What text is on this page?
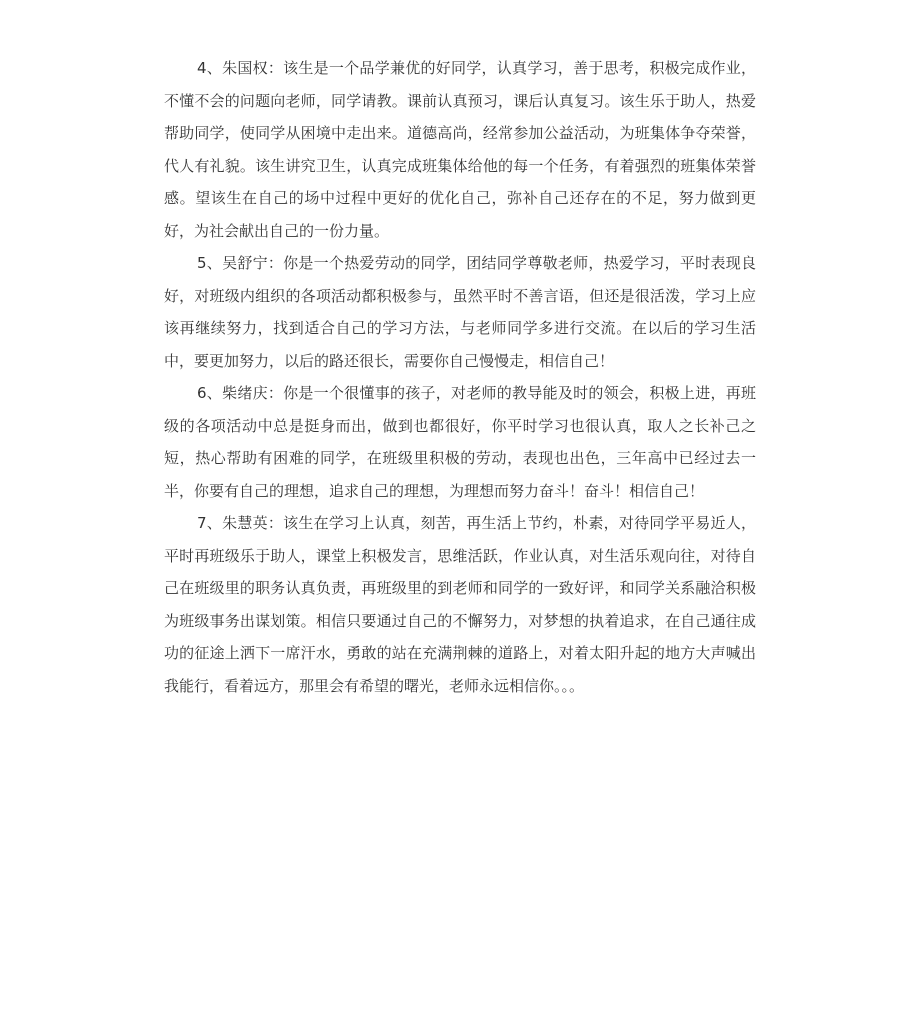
4、朱国权：该生是一个品学兼优的好同学，认真学习，善于思考，积极完成作业，不懂不会的问题向老师，同学请教。课前认真预习，课后认真复习。该生乐于助人，热爱帮助同学，使同学从困境中走出来。道德高尚，经常参加公益活动，为班集体争夺荣誉，代人有礼貌。该生讲究卫生，认真完成班集体给他的每一个任务，有着强烈的班集体荣誉感。望该生在自己的场中过程中更好的优化自己，弥补自己还存在的不足，努力做到更好，为社会献出自己的一份力量。

5、吴舒宁：你是一个热爱劳动的同学，团结同学尊敬老师，热爱学习，平时表现良好，对班级内组织的各项活动都积极参与，虽然平时不善言语，但还是很活泼，学习上应该再继续努力，找到适合自己的学习方法，与老师同学多进行交流。在以后的学习生活中，要更加努力，以后的路还很长，需要你自己慢慢走，相信自己！

6、柴绪庆：你是一个很懂事的孩子，对老师的教导能及时的领会，积极上进，再班级的各项活动中总是挺身而出，做到也都很好，你平时学习也很认真，取人之长补己之短，热心帮助有困难的同学，在班级里积极的劳动，表现也出色，三年高中已经过去一半，你要有自己的理想，追求自己的理想，为理想而努力奋斗！奋斗！相信自己！

7、朱慧英：该生在学习上认真，刻苦，再生活上节约，朴素，对待同学平易近人，平时再班级乐于助人，课堂上积极发言，思维活跃，作业认真，对生活乐观向往，对待自己在班级里的职务认真负责，再班级里的到老师和同学的一致好评，和同学关系融洽积极为班级事务出谋划策。相信只要通过自己的不懈努力，对梦想的执着追求，在自己通往成功的征途上洒下一席汗水，勇敢的站在充满荆棘的道路上，对着太阳升起的地方大声喊出我能行，看着远方，那里会有希望的曙光，老师永远相信你。。。
